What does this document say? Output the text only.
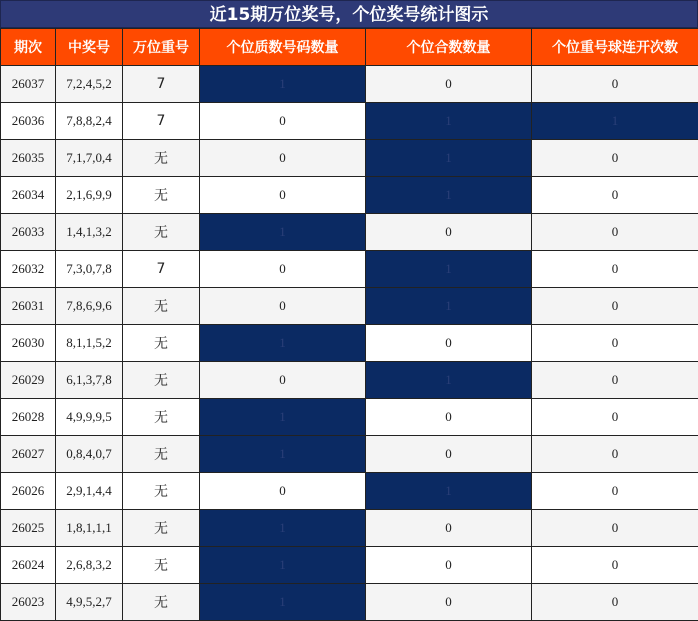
近15期万位奖号，个位奖号统计图示
期次	中奖号	万位重号	个位质数号码数量	个位合数数量	个位重号球连开次数
26037	7,2,4,5,2	7	1	0	0
26036	7,8,8,2,4	7	0	1	1
26035	7,1,7,0,4	无	0	1	0
26034	2,1,6,9,9	无	0	1	0
26033	1,4,1,3,2	无	1	0	0
26032	7,3,0,7,8	7	0	1	0
26031	7,8,6,9,6	无	0	1	0
26030	8,1,1,5,2	无	1	0	0
26029	6,1,3,7,8	无	0	1	0
26028	4,9,9,9,5	无	1	0	0
26027	0,8,4,0,7	无	1	0	0
26026	2,9,1,4,4	无	0	1	0
26025	1,8,1,1,1	无	1	0	0
26024	2,6,8,3,2	无	1	0	0
26023	4,9,5,2,7	无	1	0	0
